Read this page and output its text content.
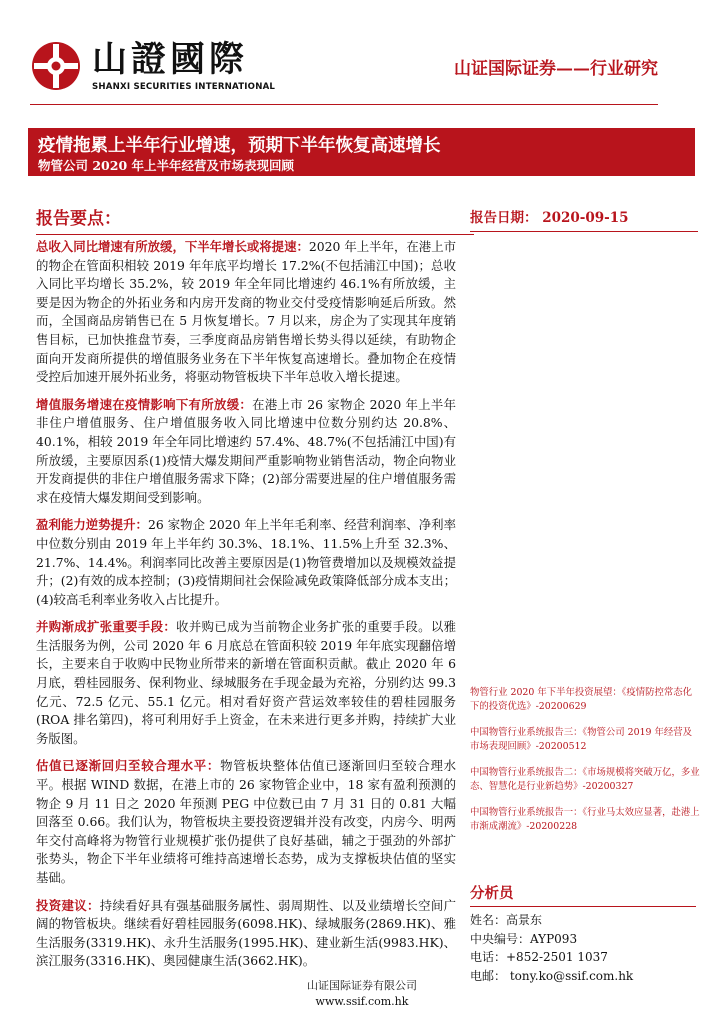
山證國際
SHANXI SECURITIES INTERNATIONAL
山证国际证券——行业研究
疫情拖累上半年行业增速，预期下半年恢复高速增长
物管公司 2020 年上半年经营及市场表现回顾
报告要点：	报告日期： 2020-09-15

总收入同比增速有所放缓，下半年增长或将提速：2020 年上半年，在港上市的物企在管面积相较 2019 年年底平均增长 17.2%(不包括浦江中国)；总收入同比平均增长 35.2%，较 2019 年全年同比增速约 46.1%有所放缓，主要是因为物企的外拓业务和内房开发商的物业交付受疫情影响延后所致。然而，全国商品房销售已在 5 月恢复增长。7 月以来，房企为了实现其年度销售目标，已加快推盘节奏，三季度商品房销售增长势头得以延续，有助物企面向开发商所提供的增值服务业务在下半年恢复高速增长。叠加物企在疫情受控后加速开展外拓业务，将驱动物管板块下半年总收入增长提速。

增值服务增速在疫情影响下有所放缓：在港上市 26 家物企 2020 年上半年非住户增值服务、住户增值服务收入同比增速中位数分别约达 20.8%、40.1%，相较 2019 年全年同比增速约 57.4%、48.7%(不包括浦江中国)有所放缓，主要原因系(1)疫情大爆发期间严重影响物业销售活动，物企向物业开发商提供的非住户增值服务需求下降；(2)部分需要进屋的住户增值服务需求在疫情大爆发期间受到影响。

盈利能力逆势提升：26 家物企 2020 年上半年毛利率、经营利润率、净利率中位数分别由 2019 年上半年约 30.3%、18.1%、11.5%上升至 32.3%、21.7%、14.4%。利润率同比改善主要原因是(1)物管费增加以及规模效益提升；(2)有效的成本控制；(3)疫情期间社会保险减免政策降低部分成本支出；(4)较高毛利率业务收入占比提升。

并购渐成扩张重要手段：收并购已成为当前物企业务扩张的重要手段。以雅生活服务为例，公司 2020 年 6 月底总在管面积较 2019 年年底实现翻倍增长，主要来自于收购中民物业所带来的新增在管面积贡献。截止 2020 年 6 月底，碧桂园服务、保利物业、绿城服务在手现金最为充裕，分别约达 99.3 亿元、72.5 亿元、55.1 亿元。相对看好资产营运效率较佳的碧桂园服务(ROA 排名第四)，将可利用好手上资金，在未来进行更多并购，持续扩大业务版图。

估值已逐渐回归至较合理水平：物管板块整体估值已逐渐回归至较合理水平。根据 WIND 数据，在港上市的 26 家物管企业中，18 家有盈利预测的物企 9 月 11 日之 2020 年预测 PEG 中位数已由 7 月 31 日的 0.81 大幅回落至 0.66。我们认为，物管板块主要投资逻辑并没有改变，内房今、明两年交付高峰将为物管行业规模扩张仍提供了良好基础，辅之于强劲的外部扩张势头，物企下半年业绩将可维持高速增长态势，成为支撑板块估值的坚实基础。

投资建议：持续看好具有强基础服务属性、弱周期性、以及业绩增长空间广阔的物管板块。继续看好碧桂园服务(6098.HK)、绿城服务(2869.HK)、雅生活服务(3319.HK)、永升生活服务(1995.HK)、建业新生活(9983.HK)、滨江服务(3316.HK)、奥园健康生活(3662.HK)。

物管行业 2020 年下半年投资展望：《疫情防控常态化下的投资优选》-20200629
中国物管行业系统报告三：《物管公司 2019 年经营及市场表现回顾》-20200512
中国物管行业系统报告二：《市场规模将突破万亿，多业态、智慧化是行业新趋势》-20200327
中国物管行业系统报告一：《行业马太效应显著，赴港上市渐成潮流》-20200228
分析员
姓名：高景东
中央编号：AYP093
电话：+852-2501 1037
电邮： tony.ko@ssif.com.hk
山证国际证券有限公司
www.ssif.com.hk
